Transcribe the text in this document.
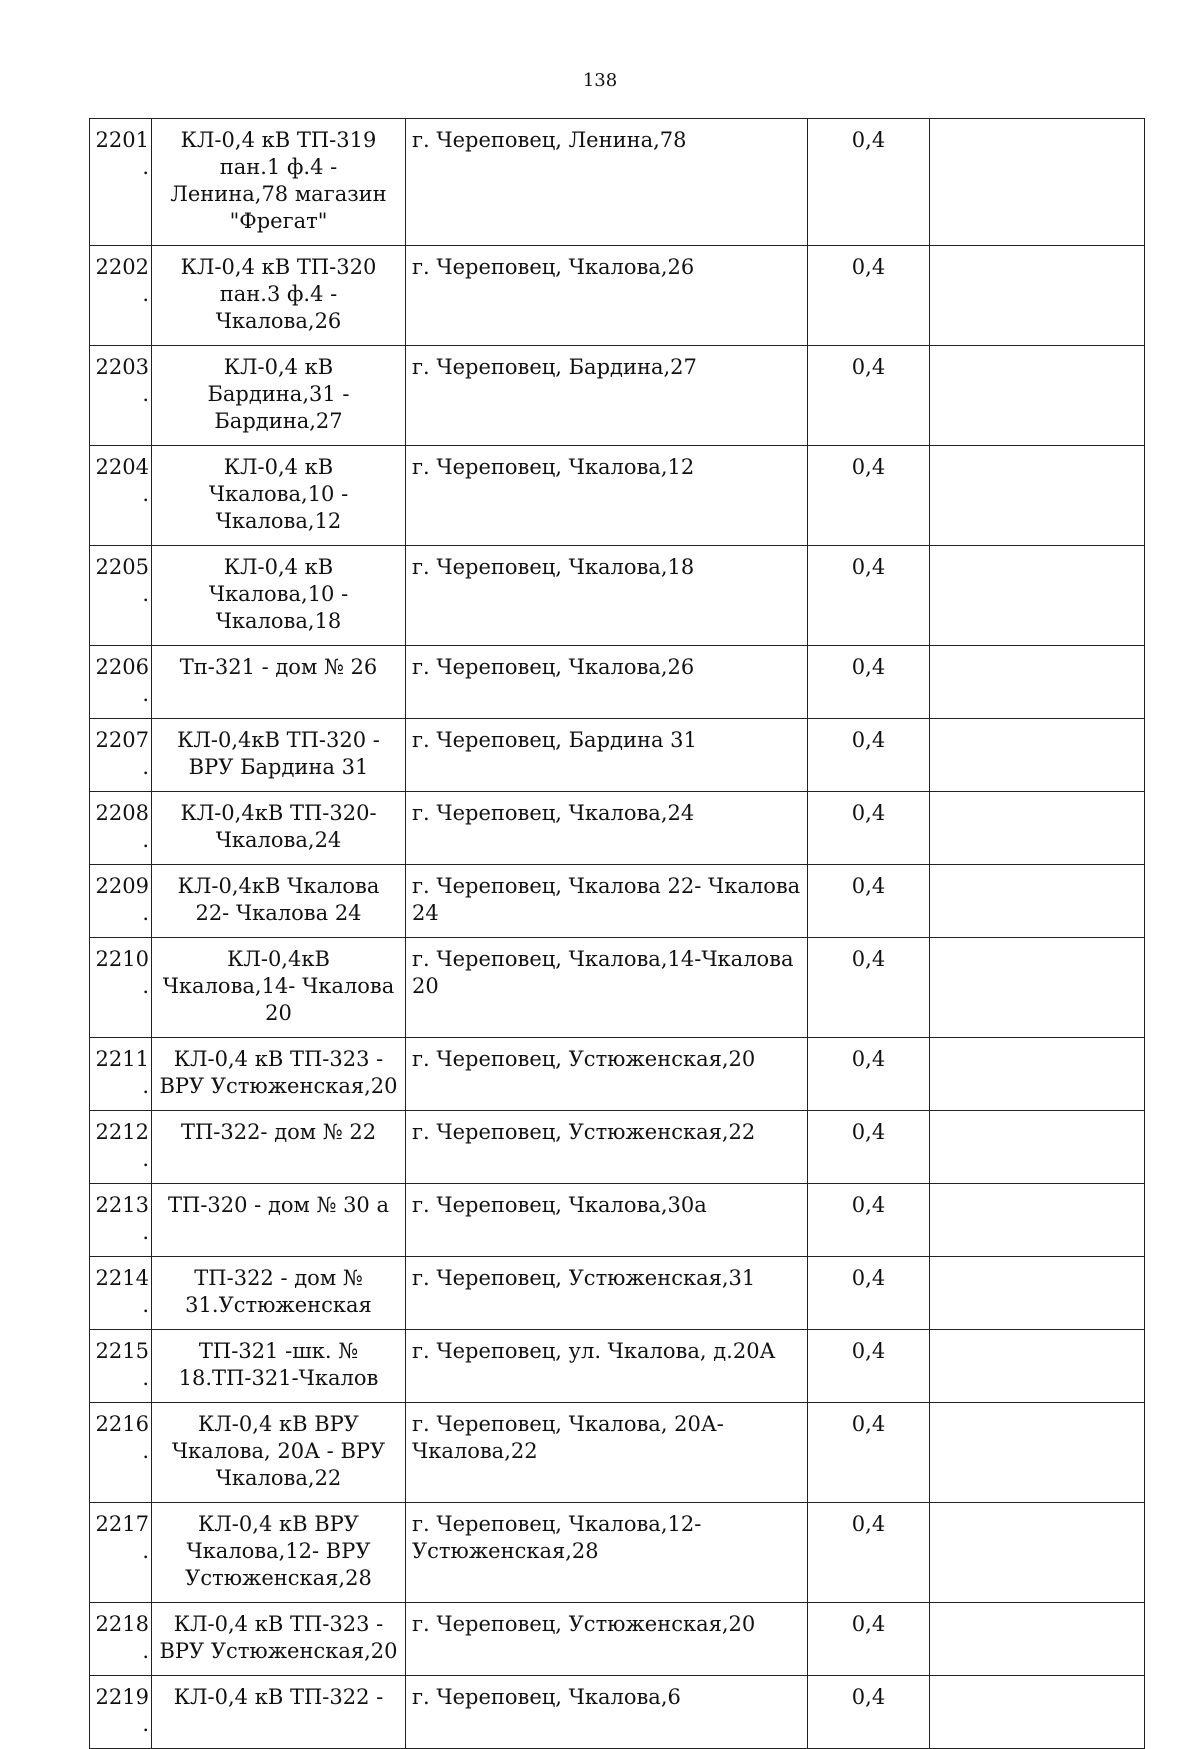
138
2201.	КЛ-0,4 кВ ТП-319 пан.1 ф.4 - Ленина,78 магазин "Фрегат"	г. Череповец, Ленина,78	0,4	
2202.	КЛ-0,4 кВ ТП-320 пан.3 ф.4 - Чкалова,26	г. Череповец, Чкалова,26	0,4	
2203.	КЛ-0,4 кВ Бардина,31 - Бардина,27	г. Череповец, Бардина,27	0,4	
2204.	КЛ-0,4 кВ Чкалова,10 - Чкалова,12	г. Череповец, Чкалова,12	0,4	
2205.	КЛ-0,4 кВ Чкалова,10 - Чкалова,18	г. Череповец, Чкалова,18	0,4	
2206.	Тп-321 - дом № 26	г. Череповец, Чкалова,26	0,4	
2207.	КЛ-0,4кВ ТП-320 - ВРУ Бардина 31	г. Череповец, Бардина 31	0,4	
2208.	КЛ-0,4кВ ТП-320- Чкалова,24	г. Череповец, Чкалова,24	0,4	
2209.	КЛ-0,4кВ Чкалова 22- Чкалова 24	г. Череповец, Чкалова 22- Чкалова 24	0,4	
2210.	КЛ-0,4кВ Чкалова,14- Чкалова 20	г. Череповец, Чкалова,14-Чкалова 20	0,4	
2211.	КЛ-0,4 кВ ТП-323 - ВРУ Устюженская,20	г. Череповец, Устюженская,20	0,4	
2212.	ТП-322- дом № 22	г. Череповец, Устюженская,22	0,4	
2213.	ТП-320 - дом № 30 а	г. Череповец, Чкалова,30а	0,4	
2214.	ТП-322 - дом № 31.Устюженская	г. Череповец, Устюженская,31	0,4	
2215.	ТП-321 -шк. № 18.ТП-321-Чкалов	г. Череповец, ул. Чкалова, д.20А	0,4	
2216.	КЛ-0,4 кВ ВРУ Чкалова, 20А - ВРУ Чкалова,22	г. Череповец, Чкалова, 20А- Чкалова,22	0,4	
2217.	КЛ-0,4 кВ ВРУ Чкалова,12- ВРУ Устюженская,28	г. Череповец, Чкалова,12- Устюженская,28	0,4	
2218.	КЛ-0,4 кВ ТП-323 - ВРУ Устюженская,20	г. Череповец, Устюженская,20	0,4	
2219.	КЛ-0,4 кВ ТП-322 -	г. Череповец, Чкалова,6	0,4	
